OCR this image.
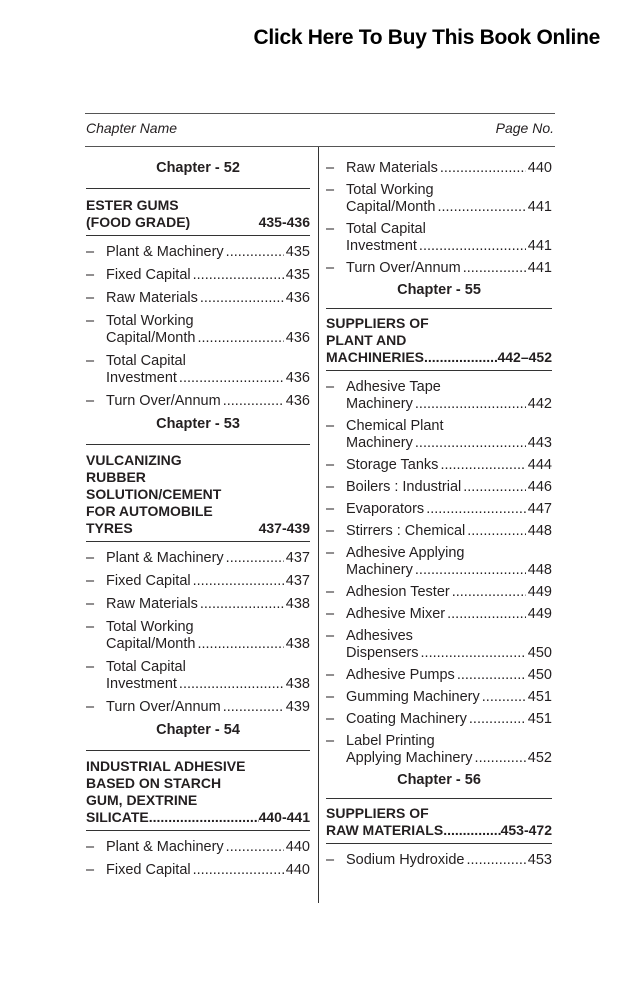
Click Here To Buy This Book Online
Chapter Name	Page No.
Chapter - 52
ESTER GUMS
(FOOD GRADE)	435-436
– Plant & Machinery .....	435
– Fixed Capital .....	435
– Raw Materials .....	436
– Total Working
Capital/Month .....	436
– Total Capital
Investment .....	436
– Turn Over/Annum .....	436
Chapter - 53
VULCANIZING
RUBBER
SOLUTION/CEMENT
FOR AUTOMOBILE
TYRES	437-439
– Plant & Machinery .....	437
– Fixed Capital .....	437
– Raw Materials .....	438
– Total Working
Capital/Month .....	438
– Total Capital
Investment .....	438
– Turn Over/Annum .....	439
Chapter - 54
INDUSTRIAL ADHESIVE
BASED ON STARCH
GUM, DEXTRINE
SILICATE .....	440-441
– Plant & Machinery .....	440
– Fixed Capital .....	440
– Raw Materials .....	440
– Total Working
Capital/Month .....	441
– Total Capital
Investment .....	441
– Turn Over/Annum .....	441
Chapter - 55
SUPPLIERS OF
PLANT AND
MACHINERIES .....	442–452
– Adhesive Tape
Machinery .....	442
– Chemical Plant
Machinery .....	443
– Storage Tanks .....	444
– Boilers : Industrial .....	446
– Evaporators .....	447
– Stirrers : Chemical .....	448
– Adhesive Applying
Machinery .....	448
– Adhesion Tester .....	449
– Adhesive Mixer .....	449
– Adhesives
Dispensers .....	450
– Adhesive Pumps .....	450
– Gumming Machinery .....	451
– Coating Machinery .....	451
– Label Printing
Applying Machinery .....	452
Chapter - 56
SUPPLIERS OF
RAW MATERIALS .....	453-472
– Sodium Hydroxide .....	453
